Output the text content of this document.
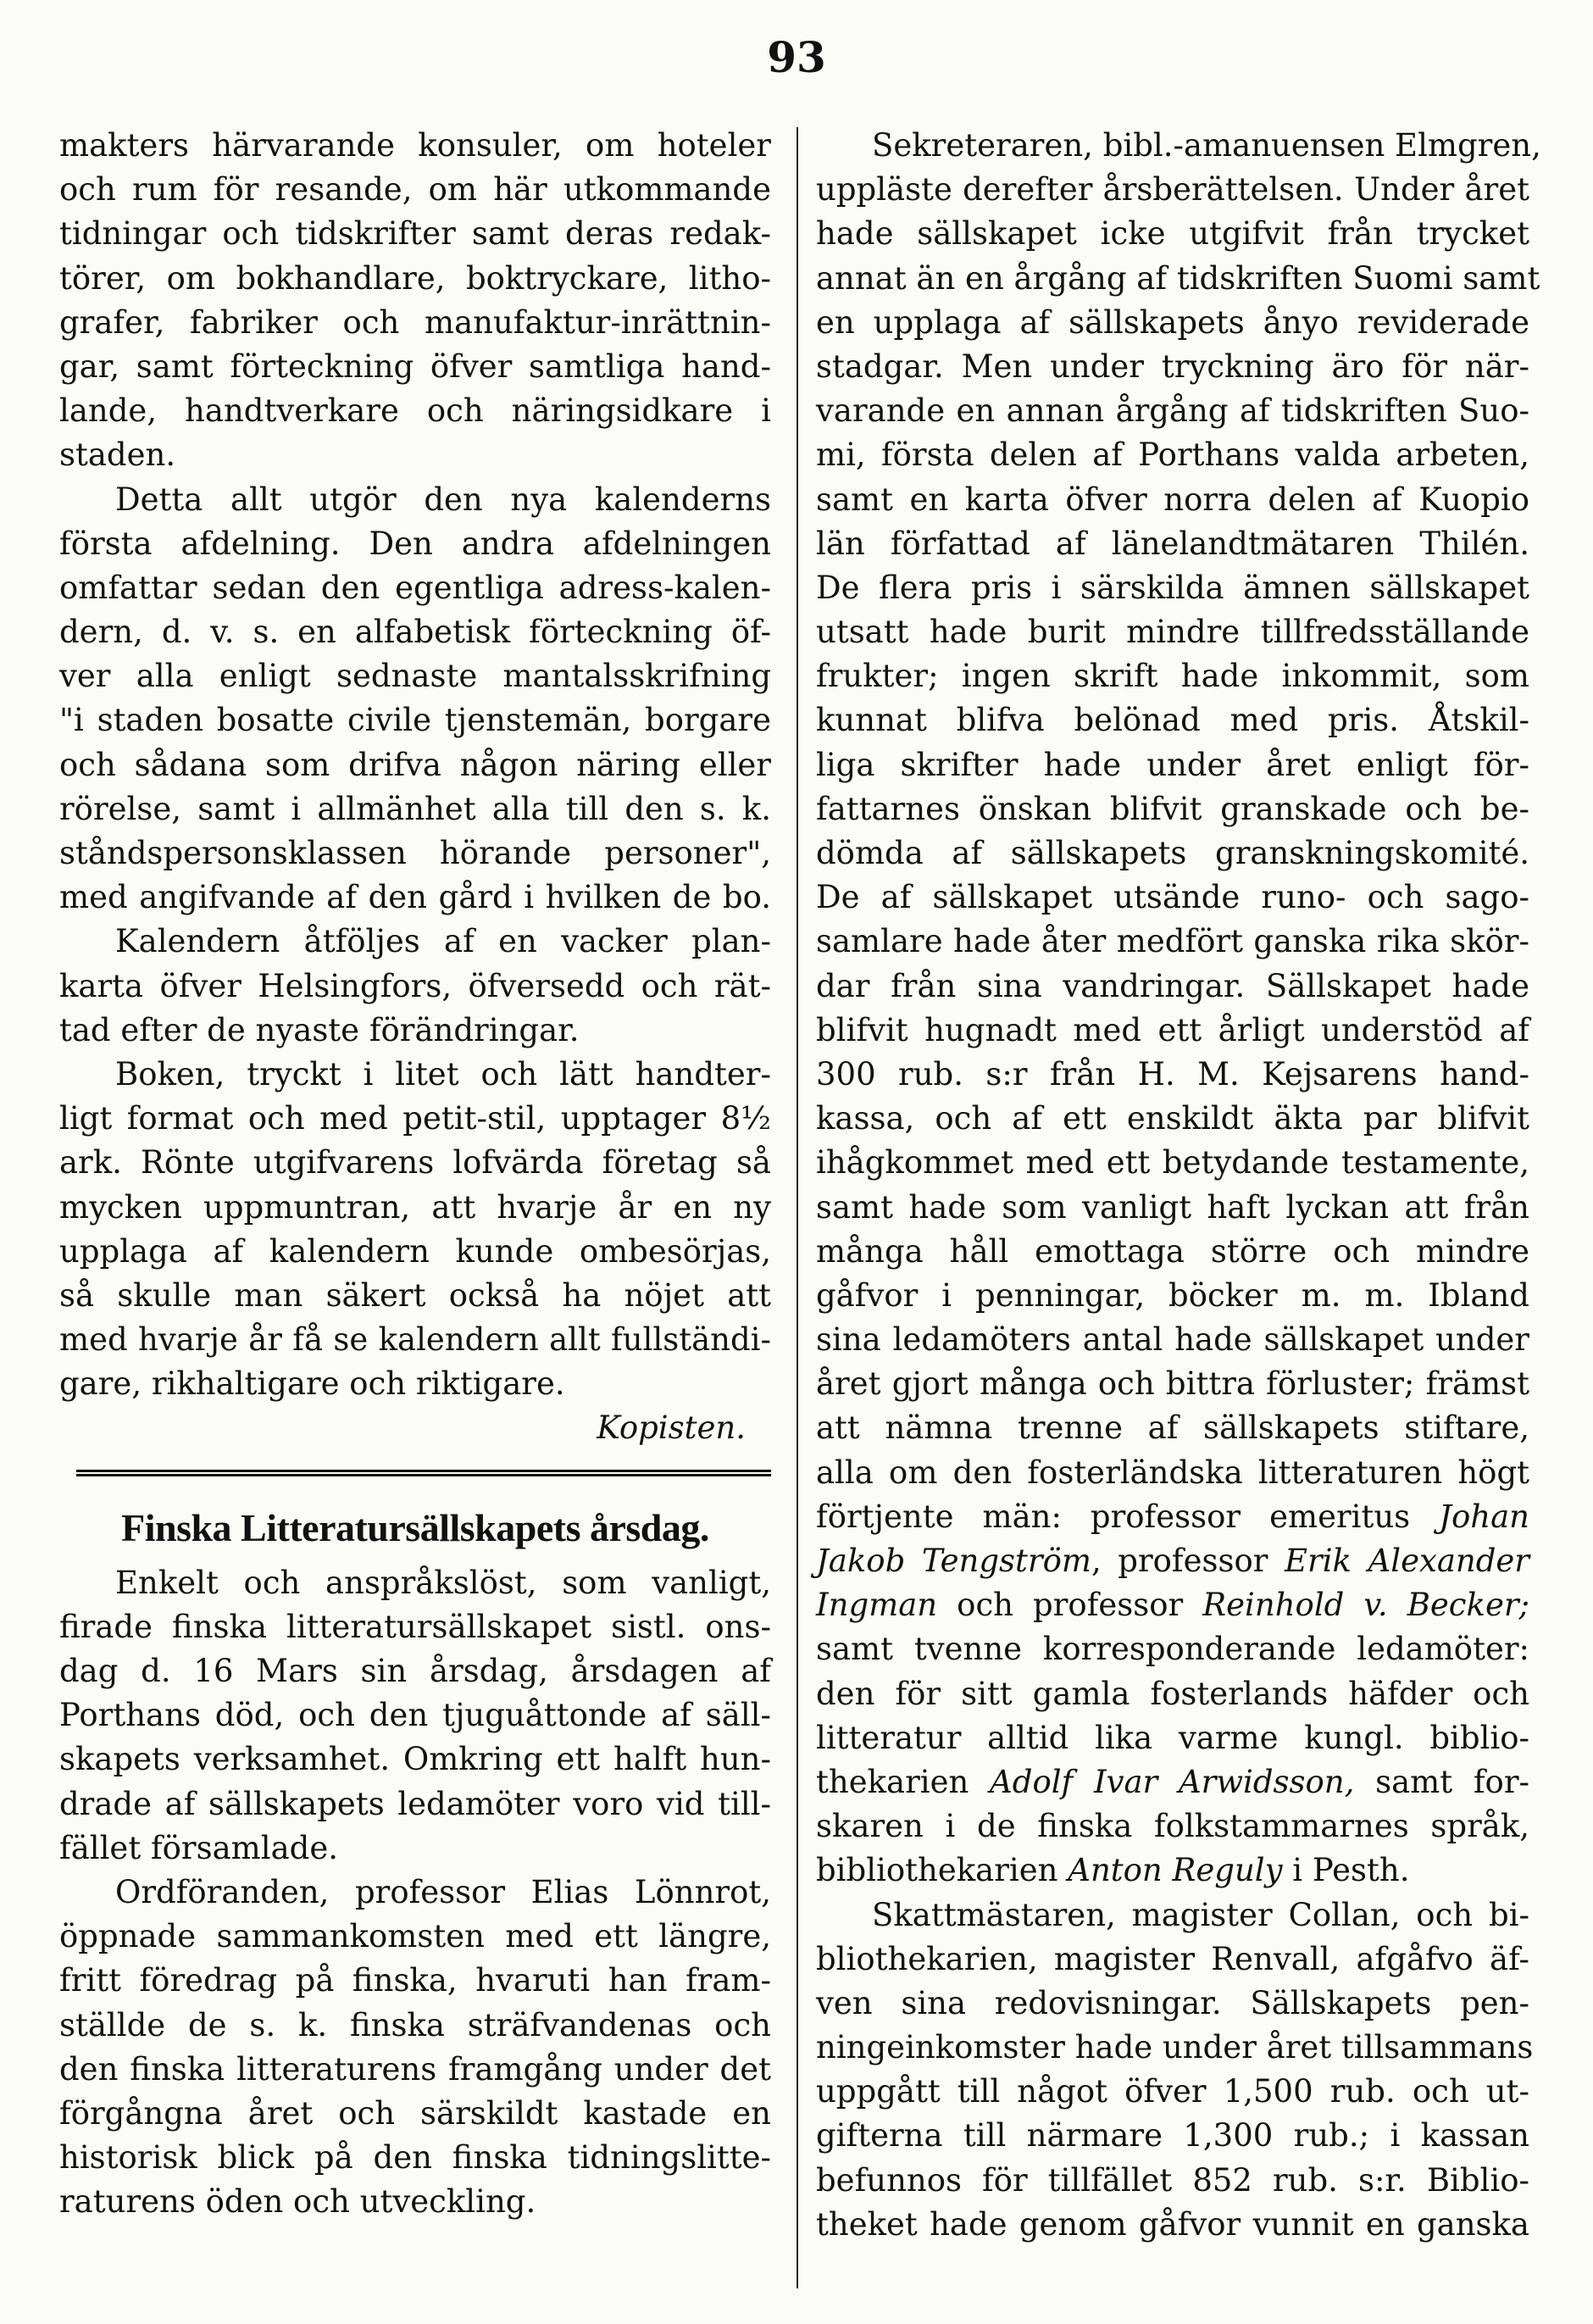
93
makters härvarande konsuler, om hoteler
och rum för resande, om här utkommande
tidningar och tidskrifter samt deras redak-
törer, om bokhandlare, boktryckare, litho-
grafer, fabriker och manufaktur-inrättnin-
gar, samt förteckning öfver samtliga hand-
lande, handtverkare och näringsidkare i
staden.
Detta allt utgör den nya kalenderns
första afdelning. Den andra afdelningen
omfattar sedan den egentliga adress-kalen-
dern, d. v. s. en alfabetisk förteckning öf-
ver alla enligt sednaste mantalsskrifning
"i staden bosatte civile tjenstemän, borgare
och sådana som drifva någon näring eller
rörelse, samt i allmänhet alla till den s. k.
ståndspersonsklassen hörande personer",
med angifvande af den gård i hvilken de bo.
Kalendern åtföljes af en vacker plan-
karta öfver Helsingfors, öfversedd och rät-
tad efter de nyaste förändringar.
Boken, tryckt i litet och lätt handter-
ligt format och med petit-stil, upptager 8½
ark. Rönte utgifvarens lofvärda företag så
mycken uppmuntran, att hvarje år en ny
upplaga af kalendern kunde ombesörjas,
så skulle man säkert också ha nöjet att
med hvarje år få se kalendern allt fullständi-
gare, rikhaltigare och riktigare.
Kopisten.
Finska Litteratursällskapets årsdag.
Enkelt och anspråkslöst, som vanligt,
firade finska litteratursällskapet sistl. ons-
dag d. 16 Mars sin årsdag, årsdagen af
Porthans död, och den tjuguåttonde af säll-
skapets verksamhet. Omkring ett halft hun-
drade af sällskapets ledamöter voro vid till-
fället församlade.
Ordföranden, professor Elias Lönnrot,
öppnade sammankomsten med ett längre,
fritt föredrag på finska, hvaruti han fram-
ställde de s. k. finska sträfvandenas och
den finska litteraturens framgång under det
förgångna året och särskildt kastade en
historisk blick på den finska tidningslitte-
raturens öden och utveckling.
Sekreteraren, bibl.-amanuensen Elmgren,
uppläste derefter årsberättelsen. Under året
hade sällskapet icke utgifvit från trycket
annat än en årgång af tidskriften Suomi samt
en upplaga af sällskapets ånyo reviderade
stadgar. Men under tryckning äro för när-
varande en annan årgång af tidskriften Suo-
mi, första delen af Porthans valda arbeten,
samt en karta öfver norra delen af Kuopio
län författad af länelandtmätaren Thilén.
De flera pris i särskilda ämnen sällskapet
utsatt hade burit mindre tillfredsställande
frukter; ingen skrift hade inkommit, som
kunnat blifva belönad med pris. Åtskil-
liga skrifter hade under året enligt för-
fattarnes önskan blifvit granskade och be-
dömda af sällskapets granskningskomité.
De af sällskapet utsände runo- och sago-
samlare hade åter medfört ganska rika skör-
dar från sina vandringar. Sällskapet hade
blifvit hugnadt med ett årligt understöd af
300 rub. s:r från H. M. Kejsarens hand-
kassa, och af ett enskildt äkta par blifvit
ihågkommet med ett betydande testamente,
samt hade som vanligt haft lyckan att från
många håll emottaga större och mindre
gåfvor i penningar, böcker m. m. Ibland
sina ledamöters antal hade sällskapet under
året gjort många och bittra förluster; främst
att nämna trenne af sällskapets stiftare,
alla om den fosterländska litteraturen högt
förtjente män: professor emeritus Johan
Jakob Tengström, professor Erik Alexander
Ingman och professor Reinhold v. Becker;
samt tvenne korresponderande ledamöter:
den för sitt gamla fosterlands häfder och
litteratur alltid lika varme kungl. biblio-
thekarien Adolf Ivar Arwidsson, samt for-
skaren i de finska folkstammarnes språk,
bibliothekarien Anton Reguly i Pesth.
Skattmästaren, magister Collan, och bi-
bliothekarien, magister Renvall, afgåfvo äf-
ven sina redovisningar. Sällskapets pen-
ningeinkomster hade under året tillsammans
uppgått till något öfver 1,500 rub. och ut-
gifterna till närmare 1,300 rub.; i kassan
befunnos för tillfället 852 rub. s:r. Biblio-
theket hade genom gåfvor vunnit en ganska
